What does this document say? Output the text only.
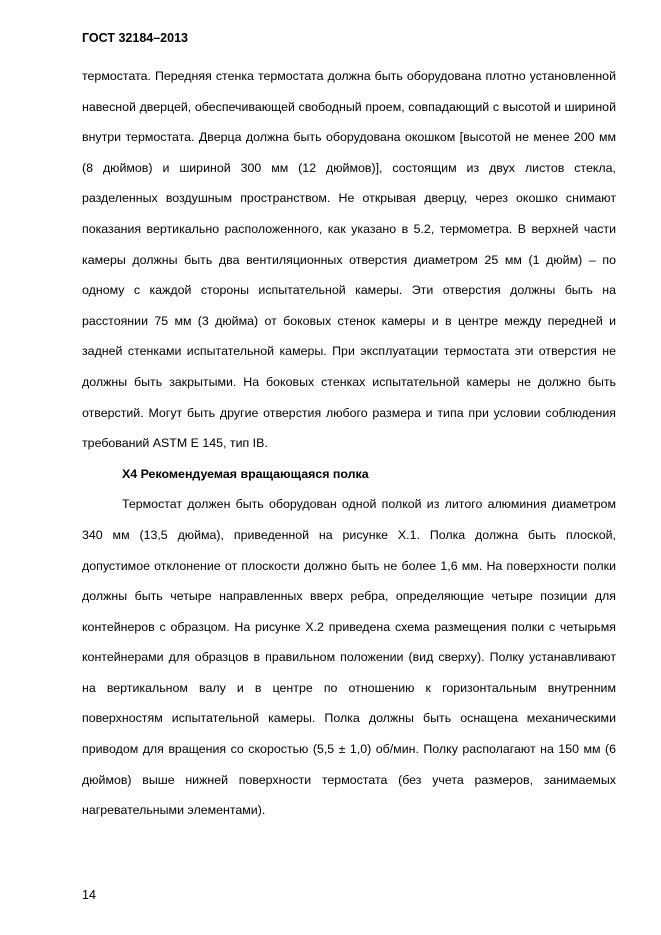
ГОСТ 32184–2013

термостата. Передняя стенка термостата должна быть оборудована плотно установленной навесной дверцей, обеспечивающей свободный проем, совпадающий с высотой и шириной внутри термостата. Дверца должна быть оборудована окошком [высотой не менее 200 мм (8 дюймов) и шириной 300 мм (12 дюймов)], состоящим из двух листов стекла, разделенных воздушным пространством. Не открывая дверцу, через окошко снимают показания вертикально расположенного, как указано в 5.2, термометра. В верхней части камеры должны быть два вентиляционных отверстия диаметром 25 мм (1 дюйм) – по одному с каждой стороны испытательной камеры. Эти отверстия должны быть на расстоянии 75 мм (3 дюйма) от боковых стенок камеры и в центре между передней и задней стенками испытательной камеры. При эксплуатации термостата эти отверстия не должны быть закрытыми. На боковых стенках испытательной камеры не должно быть отверстий. Могут быть другие отверстия любого размера и типа при условии соблюдения требований ASTM E 145, тип IB.

Х4 Рекомендуемая вращающаяся полка

Термостат должен быть оборудован одной полкой из литого алюминия диаметром 340 мм (13,5 дюйма), приведенной на рисунке Х.1. Полка должна быть плоской, допустимое отклонение от плоскости должно быть не более 1,6 мм. На поверхности полки должны быть четыре направленных вверх ребра, определяющие четыре позиции для контейнеров с образцом. На рисунке Х.2 приведена схема размещения полки с четырьмя контейнерами для образцов в правильном положении (вид сверху). Полку устанавливают на вертикальном валу и в центре по отношению к горизонтальным внутренним поверхностям испытательной камеры. Полка должны быть оснащена механическими приводом для вращения со скоростью (5,5 ± 1,0) об/мин. Полку располагают на 150 мм (6 дюймов) выше нижней поверхности термостата (без учета размеров, занимаемых нагревательными элементами).

14
